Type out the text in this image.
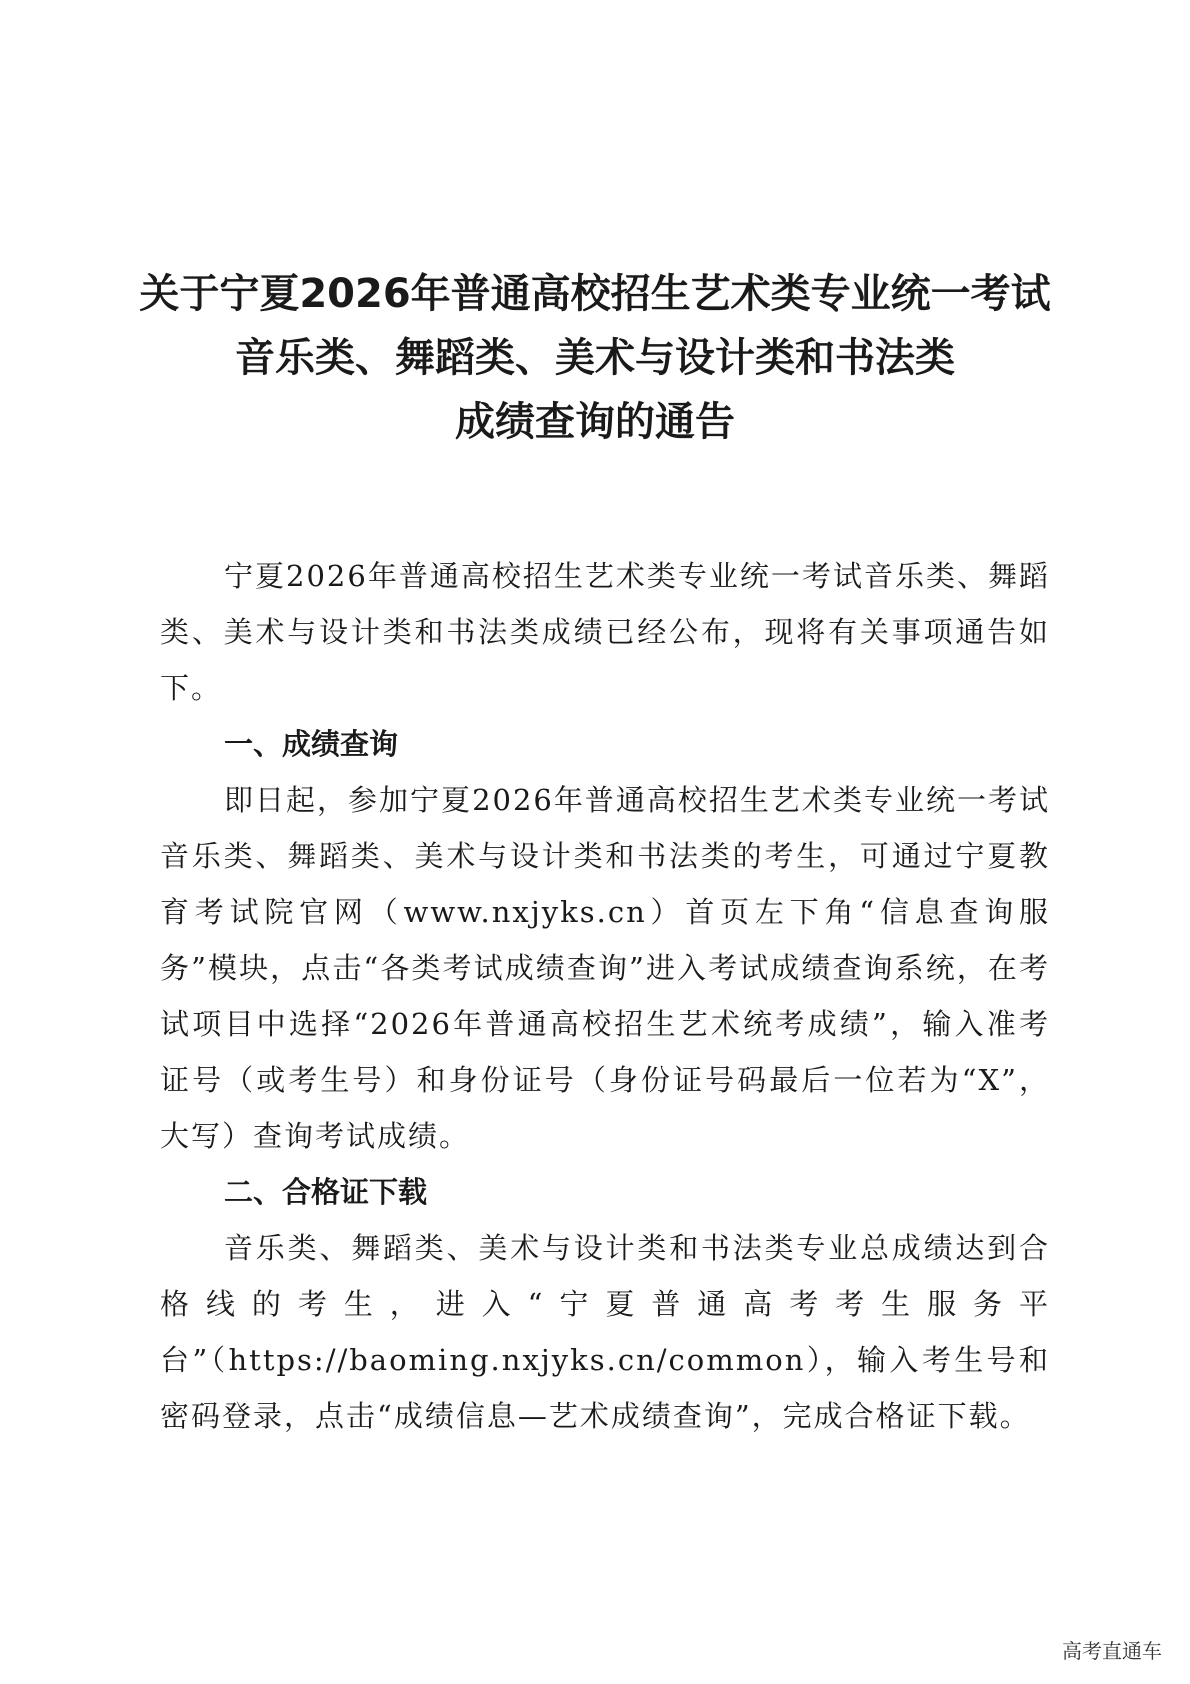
关于宁夏2026年普通高校招生艺术类专业统一考试
音乐类、舞蹈类、美术与设计类和书法类
成绩查询的通告

宁夏2026年普通高校招生艺术类专业统一考试音乐类、舞蹈类、美术与设计类和书法类成绩已经公布，现将有关事项通告如下。

一、成绩查询

即日起，参加宁夏2026年普通高校招生艺术类专业统一考试音乐类、舞蹈类、美术与设计类和书法类的考生，可通过宁夏教育考试院官网（www.nxjyks.cn）首页左下角“信息查询服务”模块，点击“各类考试成绩查询”进入考试成绩查询系统，在考试项目中选择“2026年普通高校招生艺术统考成绩”，输入准考证号（或考生号）和身份证号（身份证号码最后一位若为“X”，大写）查询考试成绩。

二、合格证下载

音乐类、舞蹈类、美术与设计类和书法类专业总成绩达到合格线的考生，进入“宁夏普通高考考生服务平台”（https://baoming.nxjyks.cn/common），输入考生号和密码登录，点击“成绩信息—艺术成绩查询”，完成合格证下载。

高考直通车
